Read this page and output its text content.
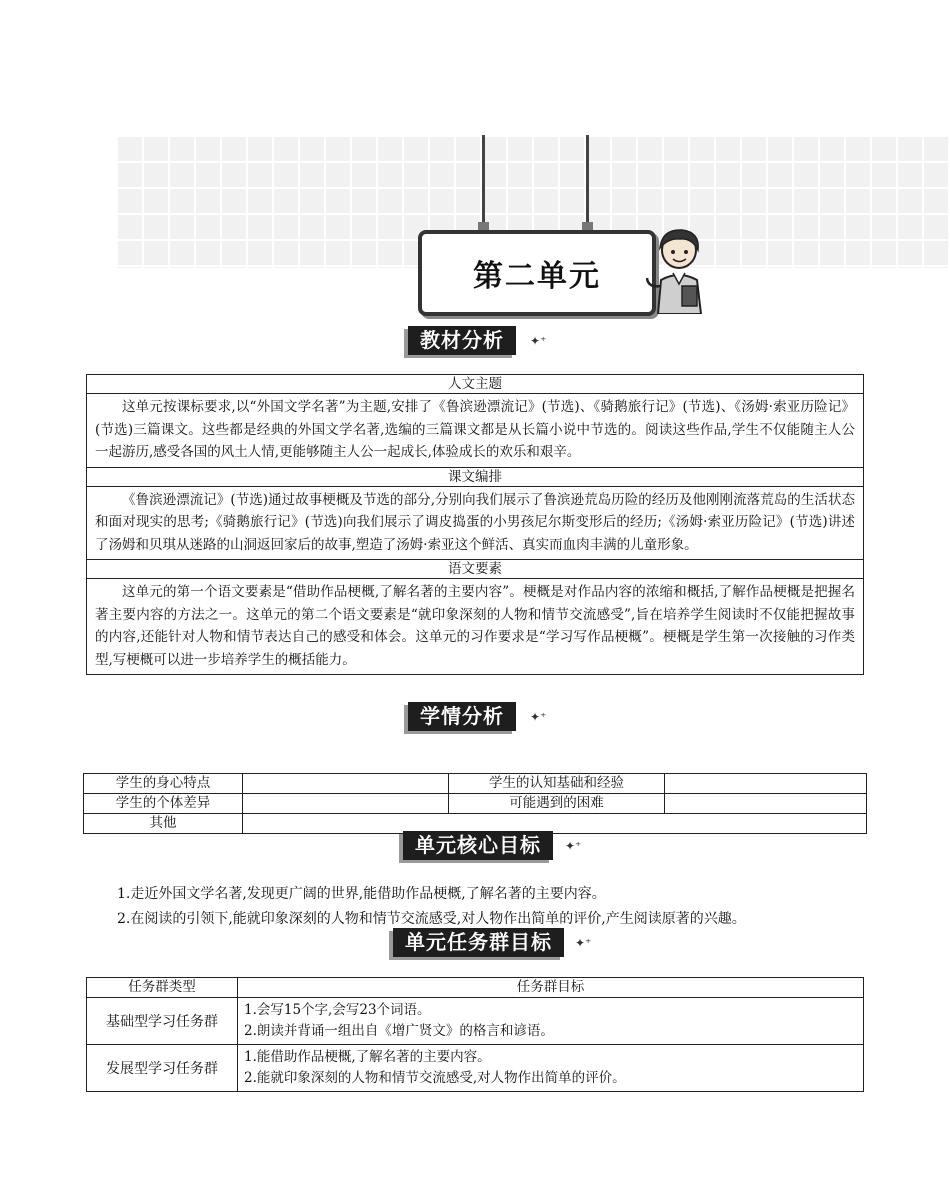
第二单元
教材分析 ✦⁺
人文主题
这单元按课标要求,以“外国文学名著”为主题,安排了《鲁滨逊漂流记》(节选)、《骑鹅旅行记》(节选)、《汤姆·索亚历险记》(节选)三篇课文。这些都是经典的外国文学名著,选编的三篇课文都是从长篇小说中节选的。阅读这些作品,学生不仅能随主人公一起游历,感受各国的风土人情,更能够随主人公一起成长,体验成长的欢乐和艰辛。
课文编排
《鲁滨逊漂流记》(节选)通过故事梗概及节选的部分,分别向我们展示了鲁滨逊荒岛历险的经历及他刚刚流落荒岛的生活状态和面对现实的思考;《骑鹅旅行记》(节选)向我们展示了调皮捣蛋的小男孩尼尔斯变形后的经历;《汤姆·索亚历险记》(节选)讲述了汤姆和贝琪从迷路的山洞返回家后的故事,塑造了汤姆·索亚这个鲜活、真实而血肉丰满的儿童形象。
语文要素
这单元的第一个语文要素是“借助作品梗概,了解名著的主要内容”。梗概是对作品内容的浓缩和概括,了解作品梗概是把握名著主要内容的方法之一。这单元的第二个语文要素是“就印象深刻的人物和情节交流感受”,旨在培养学生阅读时不仅能把握故事的内容,还能针对人物和情节表达自己的感受和体会。这单元的习作要求是“学习写作品梗概”。梗概是学生第一次接触的习作类型,写梗概可以进一步培养学生的概括能力。
学情分析 ✦⁺
学生的身心特点		学生的认知基础和经验	
学生的个体差异		可能遇到的困难	
其他			
单元核心目标 ✦⁺
1.走近外国文学名著,发现更广阔的世界,能借助作品梗概,了解名著的主要内容。
2.在阅读的引领下,能就印象深刻的人物和情节交流感受,对人物作出简单的评价,产生阅读原著的兴趣。
单元任务群目标 ✦⁺
任务群类型	任务群目标
基础型学习任务群	1.会写15个字,会写23个词语。
2.朗读并背诵一组出自《增广贤文》的格言和谚语。

发展型学习任务群	1.能借助作品梗概,了解名著的主要内容。
2.能就印象深刻的人物和情节交流感受,对人物作出简单的评价。
